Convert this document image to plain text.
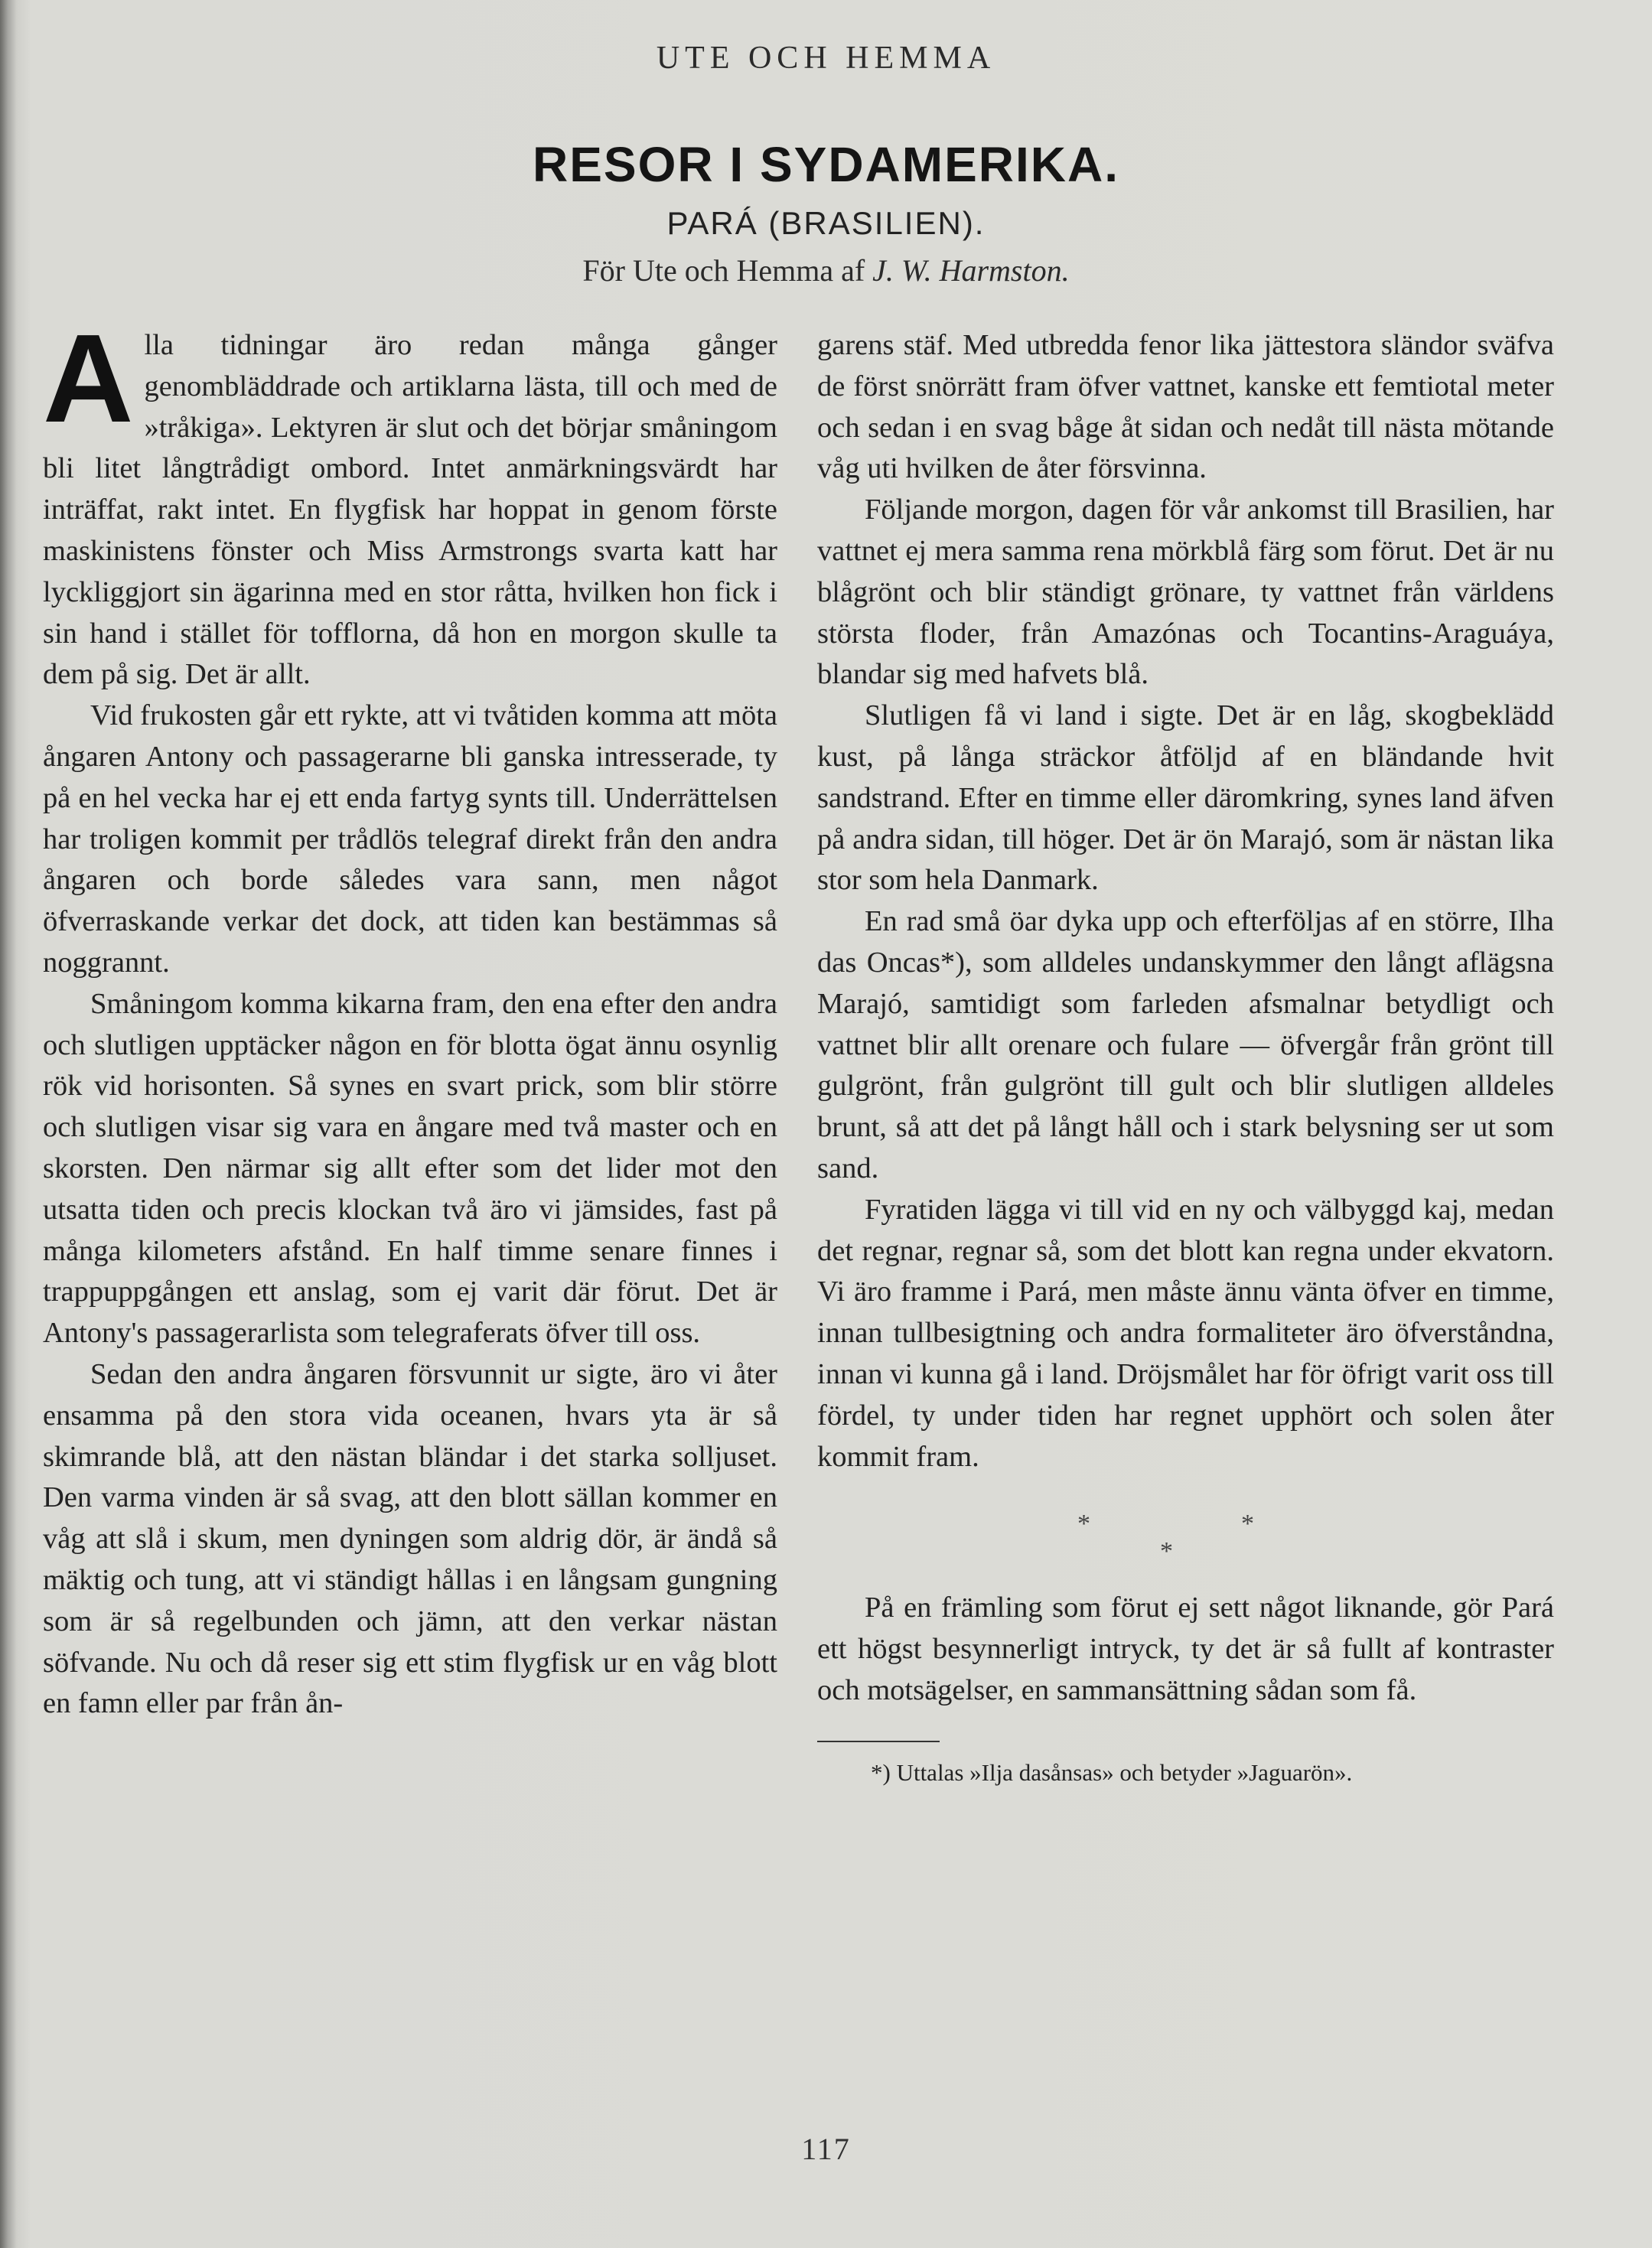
UTE OCH HEMMA
RESOR I SYDAMERIKA.
PARÁ (BRASILIEN).
För Ute och Hemma af J. W. Harmston.

Alla tidningar äro redan många gånger genombläddrade och artiklarna lästa, till och med de »tråkiga». Lektyren är slut och det börjar småningom bli litet långtrådigt ombord. Intet anmärkningsvärdt har inträffat, rakt intet. En flygfisk har hoppat in genom förste maskinistens fönster och Miss Armstrongs svarta katt har lyckliggjort sin ägarinna med en stor råtta, hvilken hon fick i sin hand i stället för tofflorna, då hon en morgon skulle ta dem på sig. Det är allt.

Vid frukosten går ett rykte, att vi tvåtiden komma att möta ångaren Antony och passagerarne bli ganska intresserade, ty på en hel vecka har ej ett enda fartyg synts till. Underrättelsen har troligen kommit per trådlös telegraf direkt från den andra ångaren och borde således vara sann, men något öfverraskande verkar det dock, att tiden kan bestämmas så noggrannt.

Småningom komma kikarna fram, den ena efter den andra och slutligen upptäcker någon en för blotta ögat ännu osynlig rök vid horisonten. Så synes en svart prick, som blir större och slutligen visar sig vara en ångare med två master och en skorsten. Den närmar sig allt efter som det lider mot den utsatta tiden och precis klockan två äro vi jämsides, fast på många kilometers afstånd. En half timme senare finnes i trappuppgången ett anslag, som ej varit där förut. Det är Antony's passagerarlista som telegraferats öfver till oss.

Sedan den andra ångaren försvunnit ur sigte, äro vi åter ensamma på den stora vida oceanen, hvars yta är så skimrande blå, att den nästan bländar i det starka solljuset. Den varma vinden är så svag, att den blott sällan kommer en våg att slå i skum, men dyningen som aldrig dör, är ändå så mäktig och tung, att vi ständigt hållas i en långsam gungning som är så regelbunden och jämn, att den verkar nästan söfvande. Nu och då reser sig ett stim flygfisk ur en våg blott en famn eller par från ån-

garens stäf. Med utbredda fenor lika jättestora sländor sväfva de först snörrätt fram öfver vattnet, kanske ett femtiotal meter och sedan i en svag båge åt sidan och nedåt till nästa mötande våg uti hvilken de åter försvinna.

Följande morgon, dagen för vår ankomst till Brasilien, har vattnet ej mera samma rena mörkblå färg som förut. Det är nu blågrönt och blir ständigt grönare, ty vattnet från världens största floder, från Amazónas och Tocantins-Araguáya, blandar sig med hafvets blå.

Slutligen få vi land i sigte. Det är en låg, skogbeklädd kust, på långa sträckor åtföljd af en bländande hvit sandstrand. Efter en timme eller däromkring, synes land äfven på andra sidan, till höger. Det är ön Marajó, som är nästan lika stor som hela Danmark.

En rad små öar dyka upp och efterföljas af en större, Ilha das Oncas*), som alldeles undanskymmer den långt aflägsna Marajó, samtidigt som farleden afsmalnar betydligt och vattnet blir allt orenare och fulare — öfvergår från grönt till gulgrönt, från gulgrönt till gult och blir slutligen alldeles brunt, så att det på långt håll och i stark belysning ser ut som sand.

Fyratiden lägga vi till vid en ny och välbyggd kaj, medan det regnar, regnar så, som det blott kan regna under ekvatorn. Vi äro framme i Pará, men måste ännu vänta öfver en timme, innan tullbesigtning och andra formaliteter äro öfverståndna, innan vi kunna gå i land. Dröjsmålet har för öfrigt varit oss till fördel, ty under tiden har regnet upphört och solen åter kommit fram.

*	*
*

På en främling som förut ej sett något liknande, gör Pará ett högst besynnerligt intryck, ty det är så fullt af kontraster och motsägelser, en sammansättning sådan som få.

*) Uttalas »Ilja dasånsas» och betyder »Jaguarön».
117
